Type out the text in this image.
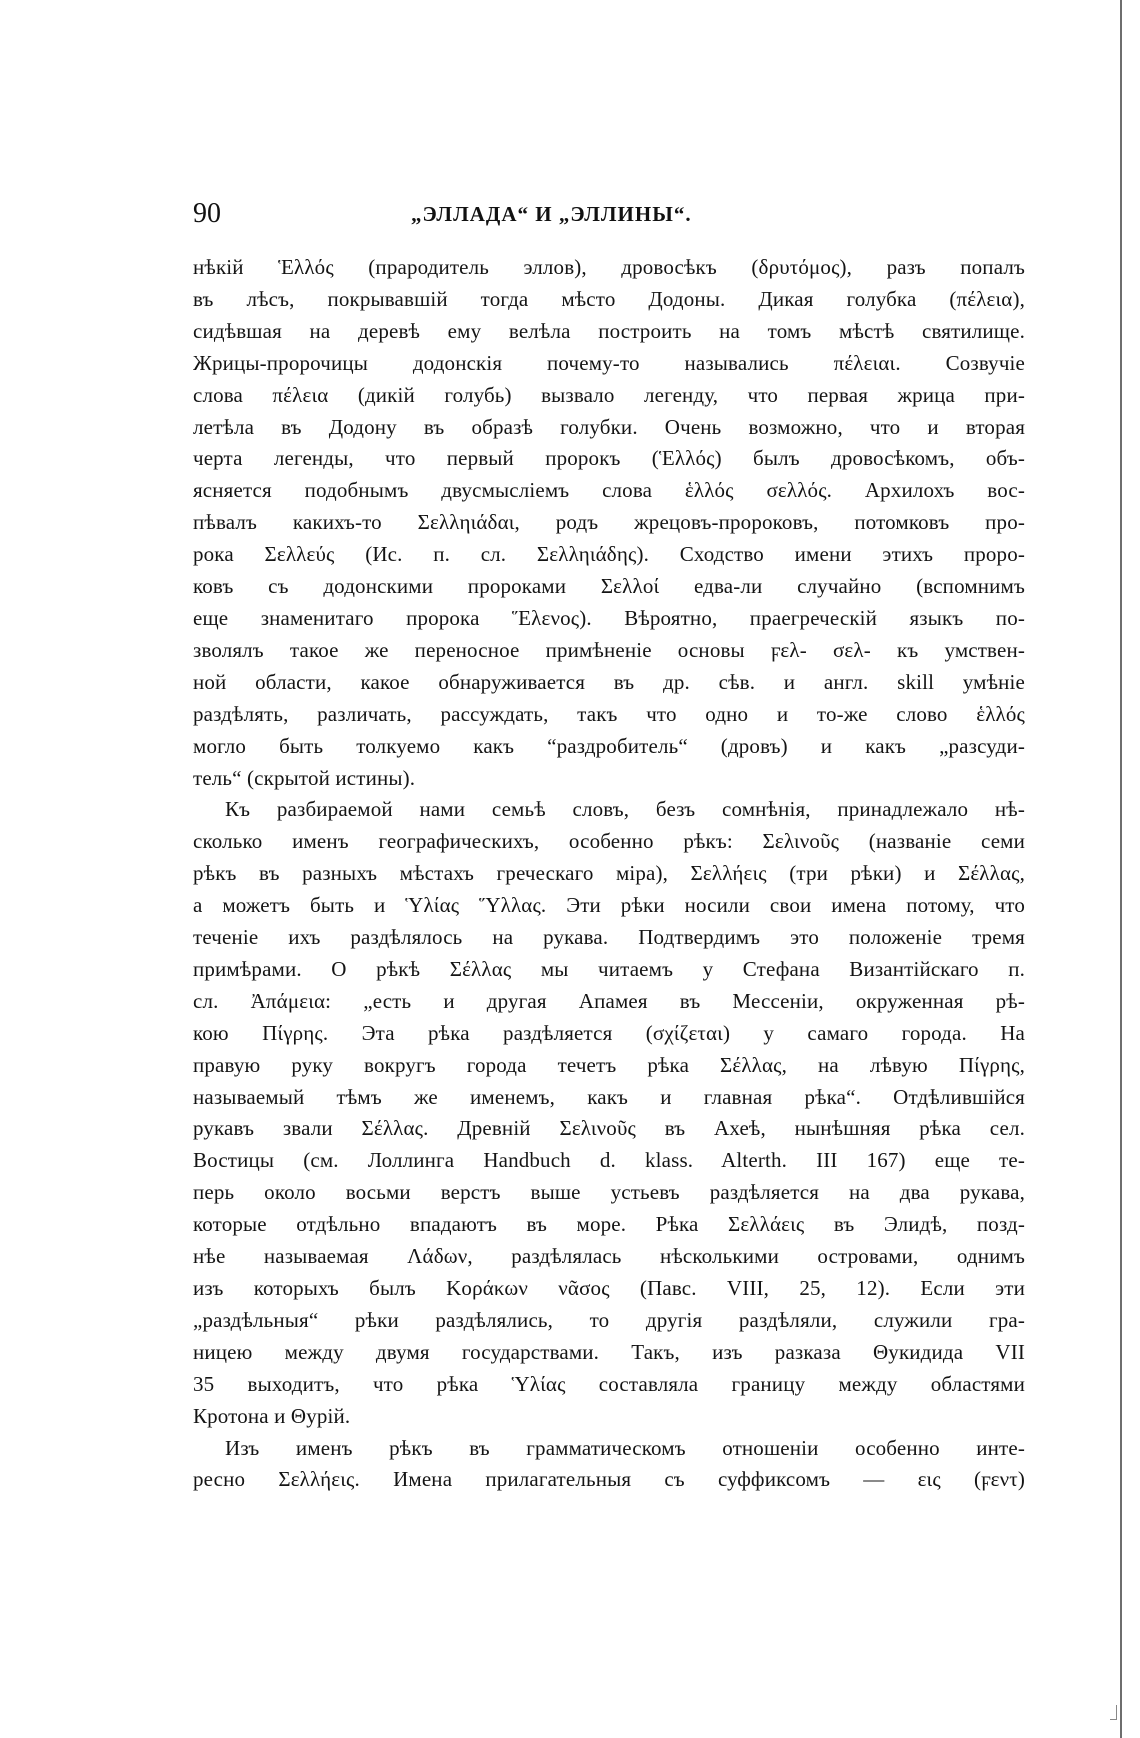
90	„ЭЛЛАДА“ И „ЭЛЛИНЫ“.
нѣкій Ἑλλός (прародитель эллов), дровосѣкъ (δρυτόμος), разъ попалъ
въ лѣсъ, покрывавшій тогда мѣсто Додоны. Дикая голубка (πέλεια),
сидѣвшая на деревѣ ему велѣла построить на томъ мѣстѣ святилище.
Жрицы-пророчицы додонскія почему-то назывались πέλειαι. Созвучіе
слова πέλεια (дикій голубь) вызвало легенду, что первая жрица при-
летѣла въ Додону въ образѣ голубки. Очень возможно, что и вторая
черта легенды, что первый пророкъ (Ἑλλός) былъ дровосѣкомъ, объ-
ясняется подобнымъ двусмысліемъ слова ἑλλός σελλός. Архилохъ вос-
пѣвалъ какихъ-то Σελληιάδαι, родъ жрецовъ-пророковъ, потомковъ про-
рока Σελλεύς (Ис. п. сл. Σελληιάδης). Сходство имени этихъ проро-
ковъ съ додонскими пророками Σελλοί едва-ли случайно (вспомнимъ
еще знаменитаго пророка Ἕλενος). Вѣроятно, праегреческій языкъ по-
зволялъ такое же переносное примѣненіе основы ϝελ- σελ- къ умствен-
ной области, какое обнаруживается въ др. сѣв. и англ. skill умѣніе
раздѣлять, различать, рассуждать, такъ что одно и то-же слово ἑλλός
могло быть толкуемо какъ “раздробитель“ (дровъ) и какъ „разсуди-
тель“ (скрытой истины).
Къ разбираемой нами семьѣ словъ, безъ сомнѣнія, принадлежало нѣ-
сколько именъ географическихъ, особенно рѣкъ: Σελινοῦς (названіе семи
рѣкъ въ разныхъ мѣстахъ греческаго міра), Σελλήεις (три рѣки) и Σέλλας,
а можетъ быть и Ὑλίας Ὕλλας. Эти рѣки носили свои имена потому, что
теченіе ихъ раздѣлялось на рукава. Подтвердимъ это положеніе тремя
примѣрами. О рѣкѣ Σέλλας мы читаемъ у Стефана Византійскаго п.
сл. Ἀπάμεια: „есть и другая Апамея въ Мессеніи, окруженная рѣ-
кою Πίγρης. Эта рѣка раздѣляется (σχίζεται) у самаго города. На
правую руку вокругъ города течетъ рѣка Σέλλας, на лѣвую Πίγρης,
называемый тѣмъ же именемъ, какъ и главная рѣка“. Отдѣлившійся
рукавъ звали Σέλλας. Древній Σελινοῦς въ Ахеѣ, нынѣшняя рѣка сел.
Востицы (см. Лоллинга Handbuch d. klass. Alterth. III 167) еще те-
перь около восьми верстъ выше устьевъ раздѣляется на два рукава,
которые отдѣльно впадаютъ въ море. Рѣка Σελλάεις въ Элидѣ, позд-
нѣе называемая Λάδων, раздѣлялась нѣсколькими островами, однимъ
изъ которыхъ былъ Κοράκων νᾶσος (Павс. VIII, 25, 12). Если эти
„раздѣльныя“ рѣки раздѣлялись, то другія раздѣляли, служили гра-
ницею между двумя государствами. Такъ, изъ разказа Θукидида VII
35 выходитъ, что рѣка Ὑλίας составляла границу между областями
Кротона и Θурій.
Изъ именъ рѣкъ въ грамматическомъ отношеніи особенно инте-
ресно Σελλήεις. Имена прилагательныя съ суффиксомъ — εις (ϝεντ)
